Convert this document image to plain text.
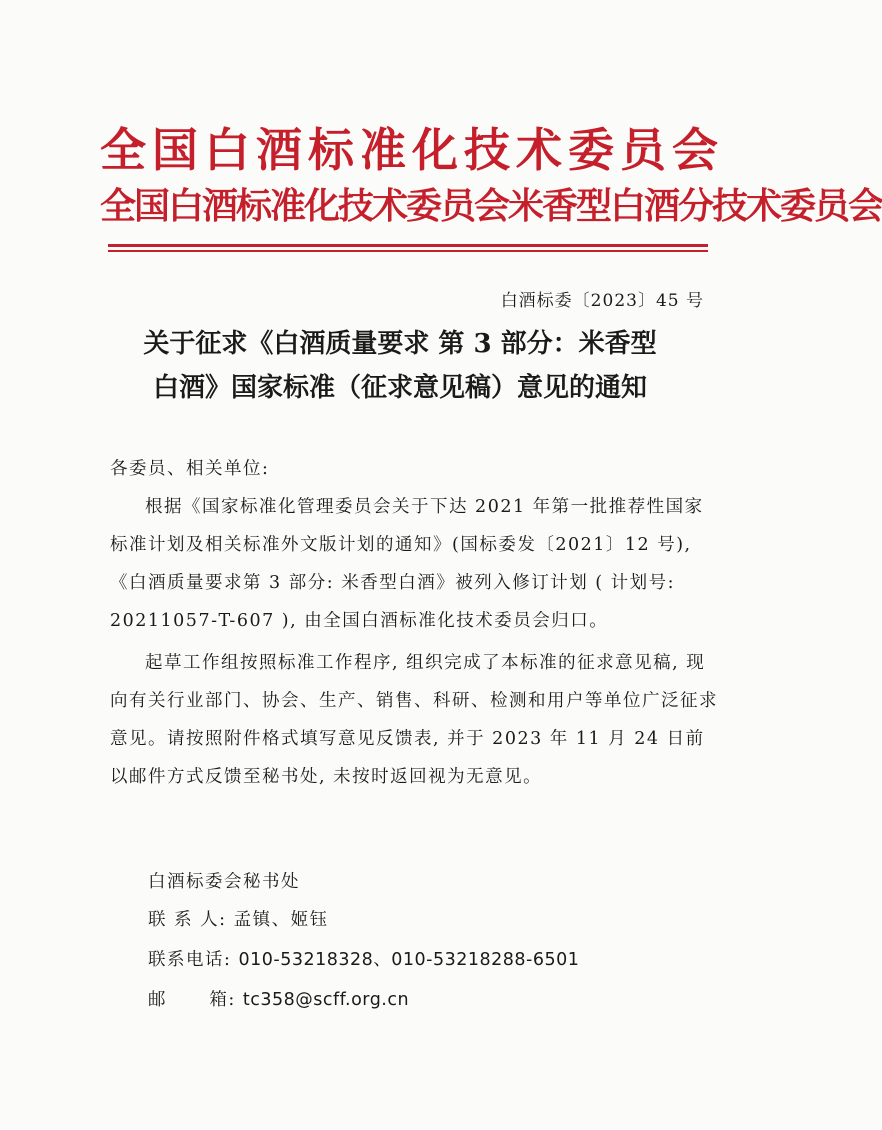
全国白酒标准化技术委员会
全国白酒标准化技术委员会米香型白酒分技术委员会
白酒标委〔2023〕45 号
关于征求《白酒质量要求 第 3 部分：米香型
白酒》国家标准（征求意见稿）意见的通知

各委员、相关单位:

根据《国家标准化管理委员会关于下达 2021 年第一批推荐性国家标准计划及相关标准外文版计划的通知》(国标委发〔2021〕12 号),《白酒质量要求第 3 部分: 米香型白酒》被列入修订计划 ( 计划号: 20211057-T-607 ), 由全国白酒标准化技术委员会归口。

起草工作组按照标准工作程序, 组织完成了本标准的征求意见稿, 现向有关行业部门、协会、生产、销售、科研、检测和用户等单位广泛征求意见。请按照附件格式填写意见反馈表, 并于 2023 年 11 月 24 日前以邮件方式反馈至秘书处, 未按时返回视为无意见。

白酒标委会秘书处
联 系 人: 孟镇、姬钰
联系电话: 010-53218328、010-53218288-6501
邮      箱: tc358@scff.org.cn
